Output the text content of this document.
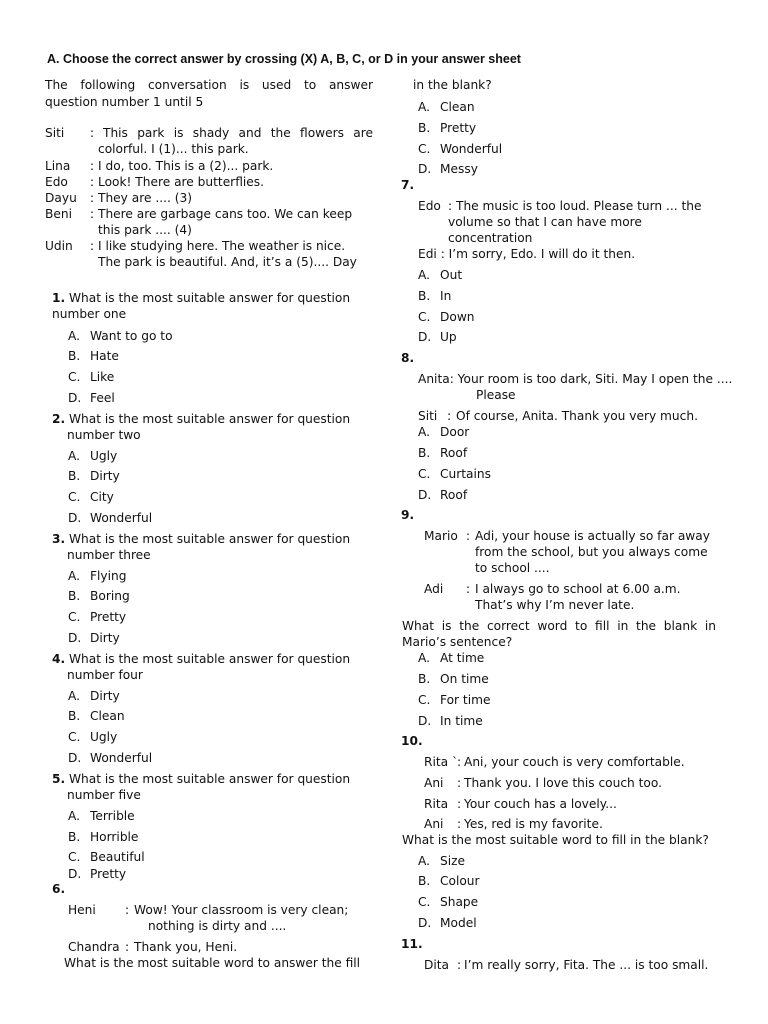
A. Choose the correct answer by crossing (X) A, B, C, or D in your answer sheet
The following conversation is used to answer
question number 1 until 5
Siti : This park is shady and the flowers are
colorful. I (1)... this park.
Lina : I do, too. This is a (2)... park.
Edo : Look! There are butterflies.
Dayu : They are .... (3)
Beni : There are garbage cans too. We can keep
this park .... (4)
Udin : I like studying here. The weather is nice.
The park is beautiful. And, it’s a (5).... Day
1. What is the most suitable answer for question
number one
A. Want to go to
B. Hate
C. Like
D. Feel
2. What is the most suitable answer for question
number two
A. Ugly
B. Dirty
C. City
D. Wonderful
3. What is the most suitable answer for question
number three
A. Flying
B. Boring
C. Pretty
D. Dirty
4. What is the most suitable answer for question
number four
A. Dirty
B. Clean
C. Ugly
D. Wonderful
5. What is the most suitable answer for question
number five
A. Terrible
B. Horrible
C. Beautiful
D. Pretty
6.
Heni : Wow! Your classroom is very clean;
nothing is dirty and ....
Chandra : Thank you, Heni.
What is the most suitable word to answer the fill
in the blank?
A. Clean
B. Pretty
C. Wonderful
D. Messy
7.
Edo : The music is too loud. Please turn ... the
volume so that I can have more
concentration
Edi : I’m sorry, Edo. I will do it then.
A. Out
B. In
C. Down
D. Up
8.
Anita: Your room is too dark, Siti. May I open the ....
Please
Siti : Of course, Anita. Thank you very much.
A. Door
B. Roof
C. Curtains
D. Roof
9.
Mario : Adi, your house is actually so far away
from the school, but you always come
to school ....
Adi : I always go to school at 6.00 a.m.
That’s why I’m never late.
What is the correct word to fill in the blank in
Mario’s sentence?
A. At time
B. On time
C. For time
D. In time
10.
Rita `
: Ani, your couch is very comfortable.
Ani : Thank you. I love this couch too.
Rita : Your couch has a lovely...
Ani : Yes, red is my favorite.
What is the most suitable word to fill in the blank?
A. Size
B. Colour
C. Shape
D. Model
11.
Dita : I’m really sorry, Fita. The ... is too small.
